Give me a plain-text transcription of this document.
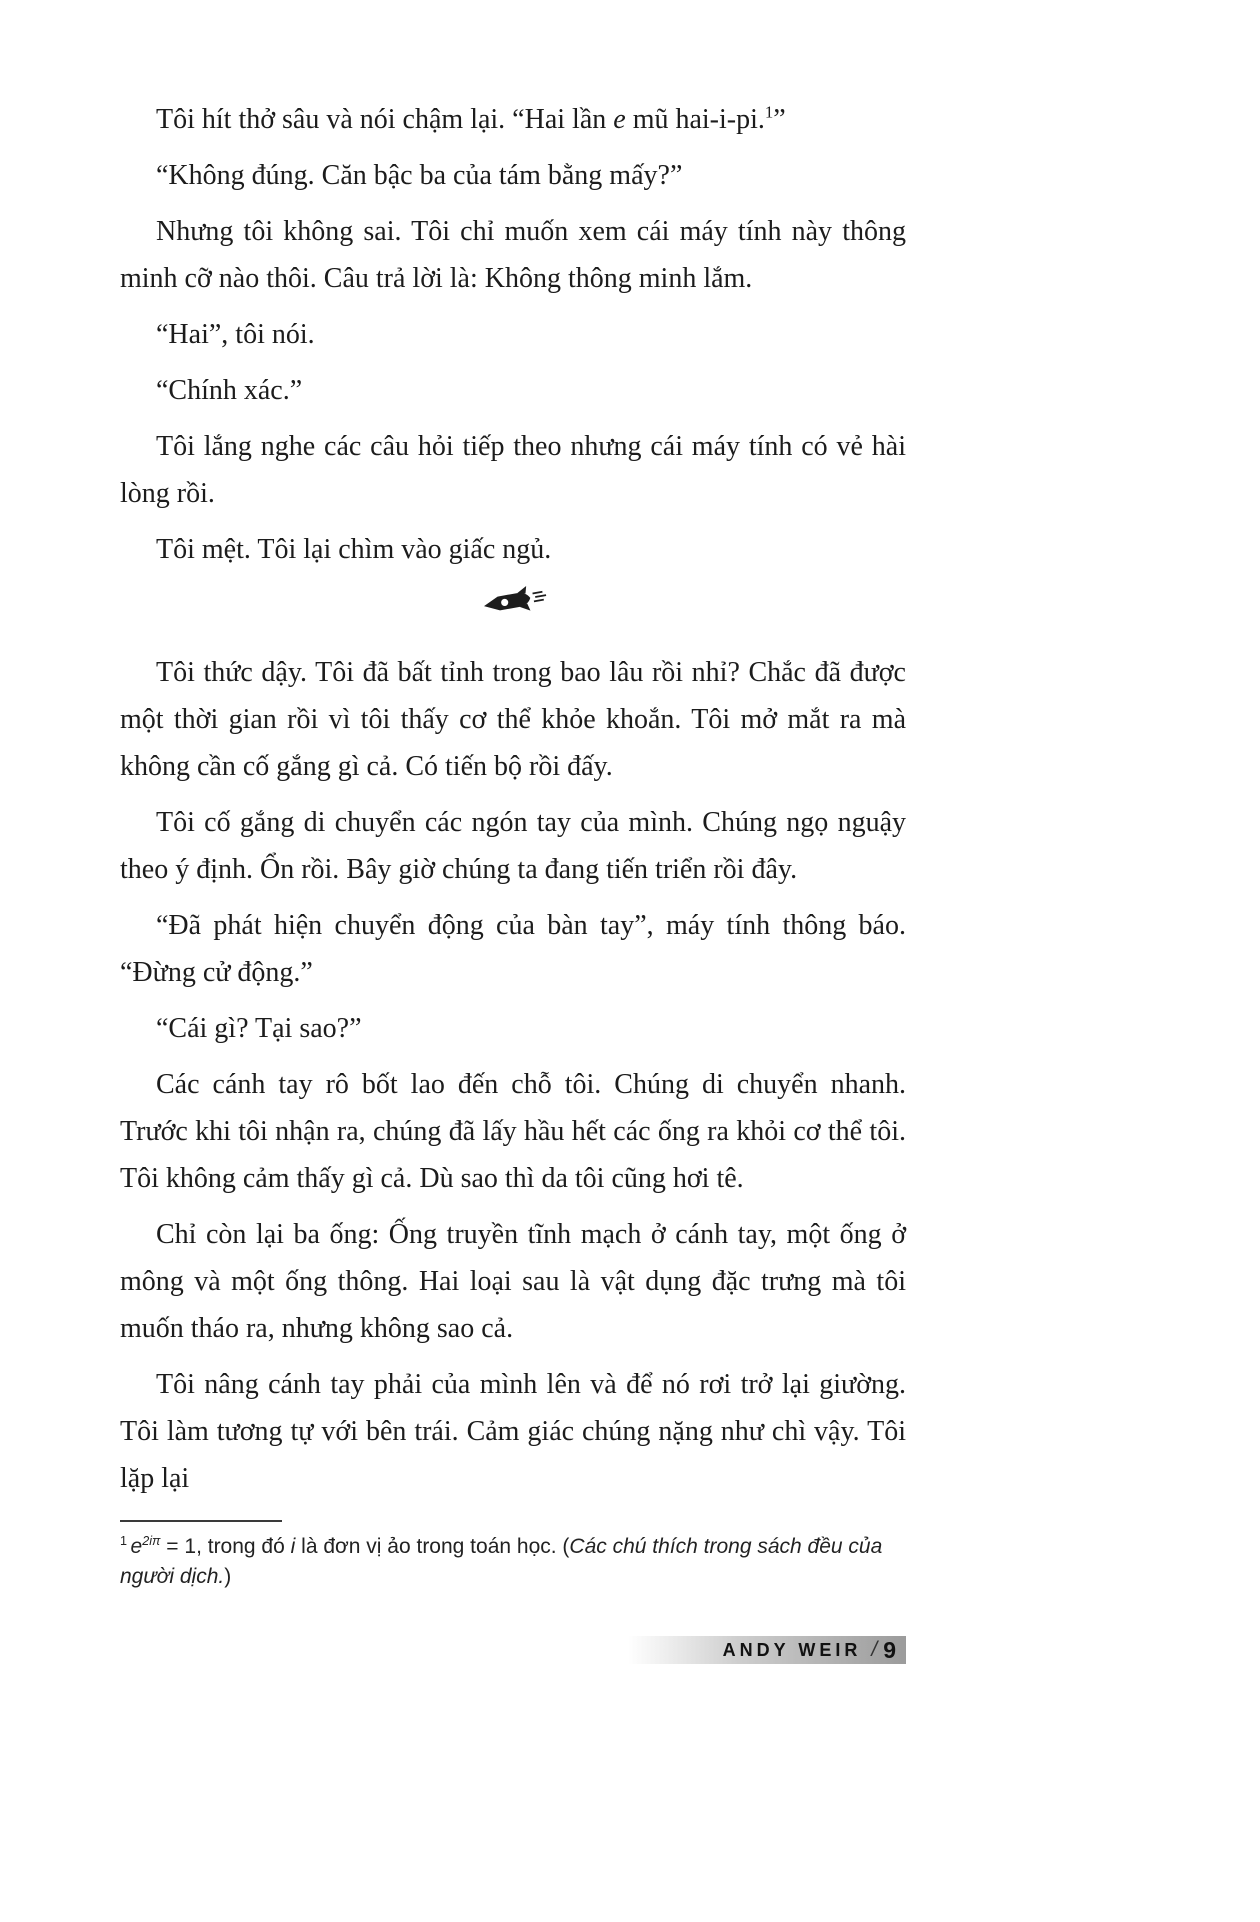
Tôi hít thở sâu và nói chậm lại. “Hai lần e mũ hai-i-pi.$^1$”

“Không đúng. Căn bậc ba của tám bằng mấy?”

Nhưng tôi không sai. Tôi chỉ muốn xem cái máy tính này thông minh cỡ nào thôi. Câu trả lời là: Không thông minh lắm.

“Hai”, tôi nói.

“Chính xác.”

Tôi lắng nghe các câu hỏi tiếp theo nhưng cái máy tính có vẻ hài lòng rồi.

Tôi mệt. Tôi lại chìm vào giấc ngủ.

Tôi thức dậy. Tôi đã bất tỉnh trong bao lâu rồi nhỉ? Chắc đã được một thời gian rồi vì tôi thấy cơ thể khỏe khoắn. Tôi mở mắt ra mà không cần cố gắng gì cả. Có tiến bộ rồi đấy.

Tôi cố gắng di chuyển các ngón tay của mình. Chúng ngọ nguậy theo ý định. Ổn rồi. Bây giờ chúng ta đang tiến triển rồi đây.

“Đã phát hiện chuyển động của bàn tay”, máy tính thông báo. “Đừng cử động.”

“Cái gì? Tại sao?”

Các cánh tay rô bốt lao đến chỗ tôi. Chúng di chuyển nhanh. Trước khi tôi nhận ra, chúng đã lấy hầu hết các ống ra khỏi cơ thể tôi. Tôi không cảm thấy gì cả. Dù sao thì da tôi cũng hơi tê.

Chỉ còn lại ba ống: Ống truyền tĩnh mạch ở cánh tay, một ống ở mông và một ống thông. Hai loại sau là vật dụng đặc trưng mà tôi muốn tháo ra, nhưng không sao cả.

Tôi nâng cánh tay phải của mình lên và để nó rơi trở lại giường. Tôi làm tương tự với bên trái. Cảm giác chúng nặng như chì vậy. Tôi lặp lại

$^1$ $e^{2i\pi} = 1$, trong đó i là đơn vị ảo trong toán học. (Các chú thích trong sách đều của người dịch.)

ANDY WEIR / 9
